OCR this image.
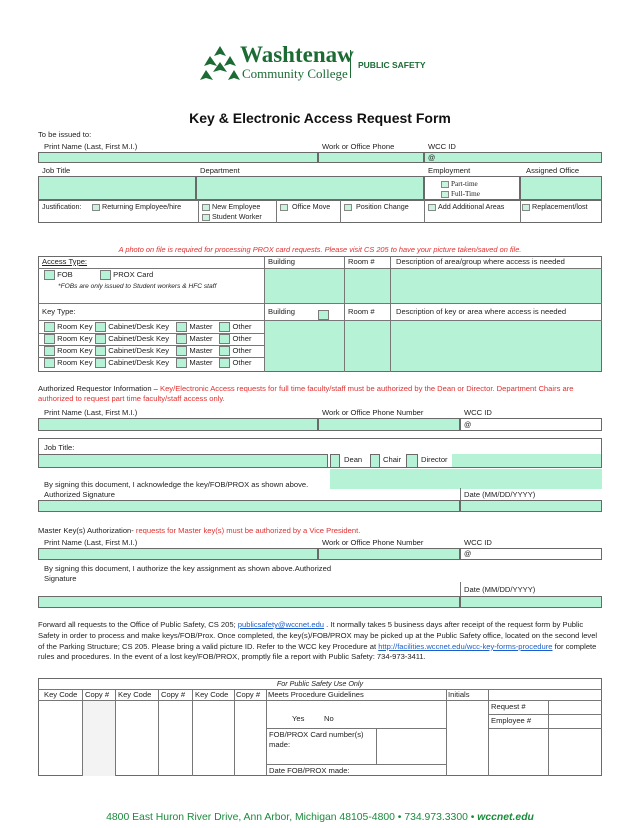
Washtenaw
Community College
PUBLIC SAFETY
Key & Electronic Access Request Form
To be issued to:
Print Name (Last, First M.I.)	Work or Office Phone	WCC ID
@
Job Title	Department	Employment	Assigned Office
Part-time
Full-Time
Justification:	Returning Employee/hire	New Employee
Student Worker
Office Move	Position Change	Add Additional Areas	Replacement/lost
A photo on file is required for processing PROX card requests. Please visit CS 205 to have your picture taken/saved on file.
Access Type:	Building	Room #	Description of area/group where access is needed
FOB	PROX Card
*FOBs are only issued to Student workers & HFC staff
Key Type:	Building	Room #	Description of key or area where access is needed
Room Key Cabinet/Desk Key	Master	Other
Room Key Cabinet/Desk Key	Master	Other
Room Key Cabinet/Desk Key	Master	Other
Room Key Cabinet/Desk Key	Master	Other
Authorized Requestor Information – Key/Electronic Access requests for full time faculty/staff must be authorized by the Dean or Director. Department Chairs are authorized to request part time faculty/staff access only.
Print Name (Last, First M.I.)	Work or Office Phone Number	WCC ID
@
Job Title:
Dean	Chair	Director
By signing this document, I acknowledge the key/FOB/PROX as shown above.
Authorized Signature	Date (MM/DD/YYYY)
Master Key(s) Authorization- requests for Master key(s) must be authorized by a Vice President.
Print Name (Last, First M.I.)	Work or Office Phone Number	WCC ID
@
By signing this document, I authorize the key assignment as shown above.Authorized
Signature
Date (MM/DD/YYYY)
Forward all requests to the Office of Public Safety, CS 205; publicsafety@wccnet.edu . It normally takes 5 business days after receipt of the request form by Public Safety in order to process and make keys/FOB/Prox. Once completed, the key(s)/FOB/PROX may be picked up at the Public Safety office, located on the second level of the Parking Structure; CS 205. Please bring a valid picture ID. Refer to the WCC key Procedure at http://facilities.wccnet.edu/wcc-key-forms-procedure for complete rules and procedures. In the event of a lost key/FOB/PROX, promptly file a report with Public Safety: 734-973-3411.
For Public Safety Use Only
Key Code Copy # Key Code Copy # Key Code Copy # Meets Procedure Guidelines	Initials
Yes	No
FOB/PROX Card number(s) made:
Date FOB/PROX made:
Request #
Employee #
4800 East Huron River Drive, Ann Arbor, Michigan 48105-4800 • 734.973.3300 • wccnet.edu
